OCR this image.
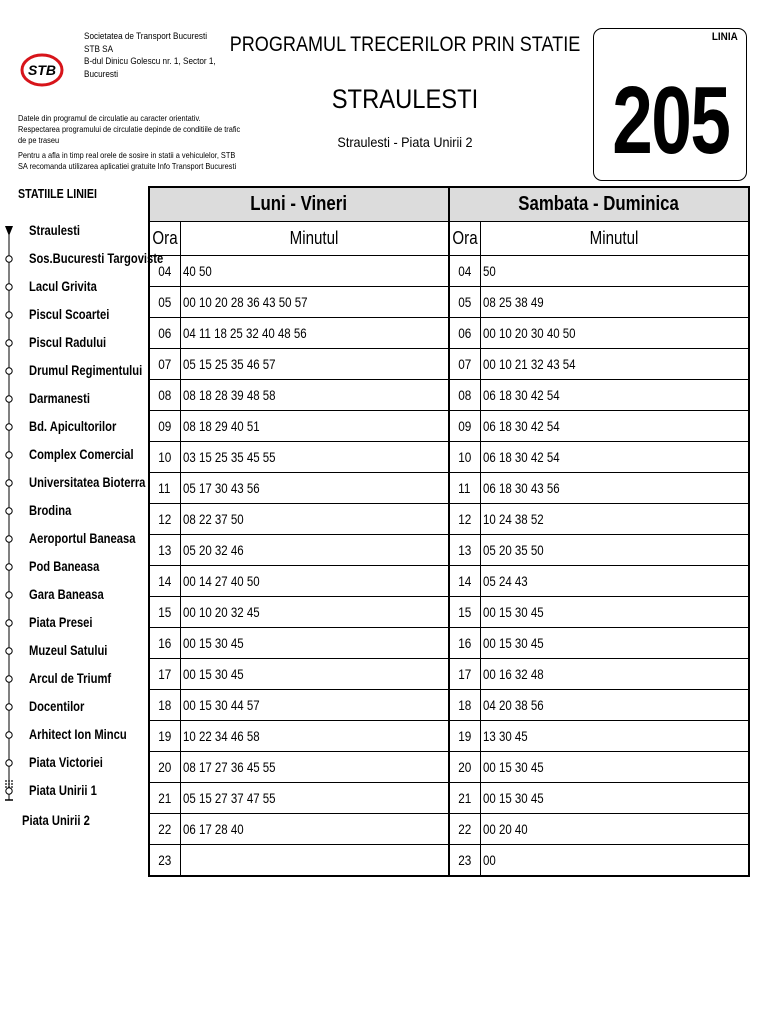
STB
Societatea de Transport Bucuresti
STB SA
B-dul Dinicu Golescu nr. 1, Sector 1,
Bucuresti

Datele din programul de circulatie au caracter orientativ. Respectarea programului de circulatie depinde de conditiile de trafic de pe traseu

Pentru a afla in timp real orele de sosire in statii a vehiculelor, STB SA recomanda utilizarea aplicatiei gratuite Info Transport Bucuresti

PROGRAMUL TRECERILOR PRIN STATIE
STRAULESTI
Straulesti - Piata Unirii 2
LINIA
205
STATIILE LINIEI
Straulesti
Sos.Bucuresti Targoviste
Lacul Grivita
Piscul Scoartei
Piscul Radului
Drumul Regimentului
Darmanesti
Bd. Apicultorilor
Complex Comercial
Universitatea Bioterra
Brodina
Aeroportul Baneasa
Pod Baneasa
Gara Baneasa
Piata Presei
Muzeul Satului
Arcul de Triumf
Docentilor
Arhitect Ion Mincu
Piata Victoriei
Piata Unirii 1
Piata Unirii 2
Luni - Vineri		Sambata - Duminica	
Ora	Minutul	Ora	Minutul
04	40 50	04	50
05	00 10 20 28 36 43 50 57	05	08 25 38 49
06	04 11 18 25 32 40 48 56	06	00 10 20 30 40 50
07	05 15 25 35 46 57	07	00 10 21 32 43 54
08	08 18 28 39 48 58	08	06 18 30 42 54
09	08 18 29 40 51	09	06 18 30 42 54
10	03 15 25 35 45 55	10	06 18 30 42 54
11	05 17 30 43 56	11	06 18 30 43 56
12	08 22 37 50	12	10 24 38 52
13	05 20 32 46	13	05 20 35 50
14	00 14 27 40 50	14	05 24 43
15	00 10 20 32 45	15	00 15 30 45
16	00 15 30 45	16	00 15 30 45
17	00 15 30 45	17	00 16 32 48
18	00 15 30 44 57	18	04 20 38 56
19	10 22 34 46 58	19	13 30 45
20	08 17 27 36 45 55	20	00 15 30 45
21	05 15 27 37 47 55	21	00 15 30 45
22	06 17 28 40	22	00 20 40
23		23	00
